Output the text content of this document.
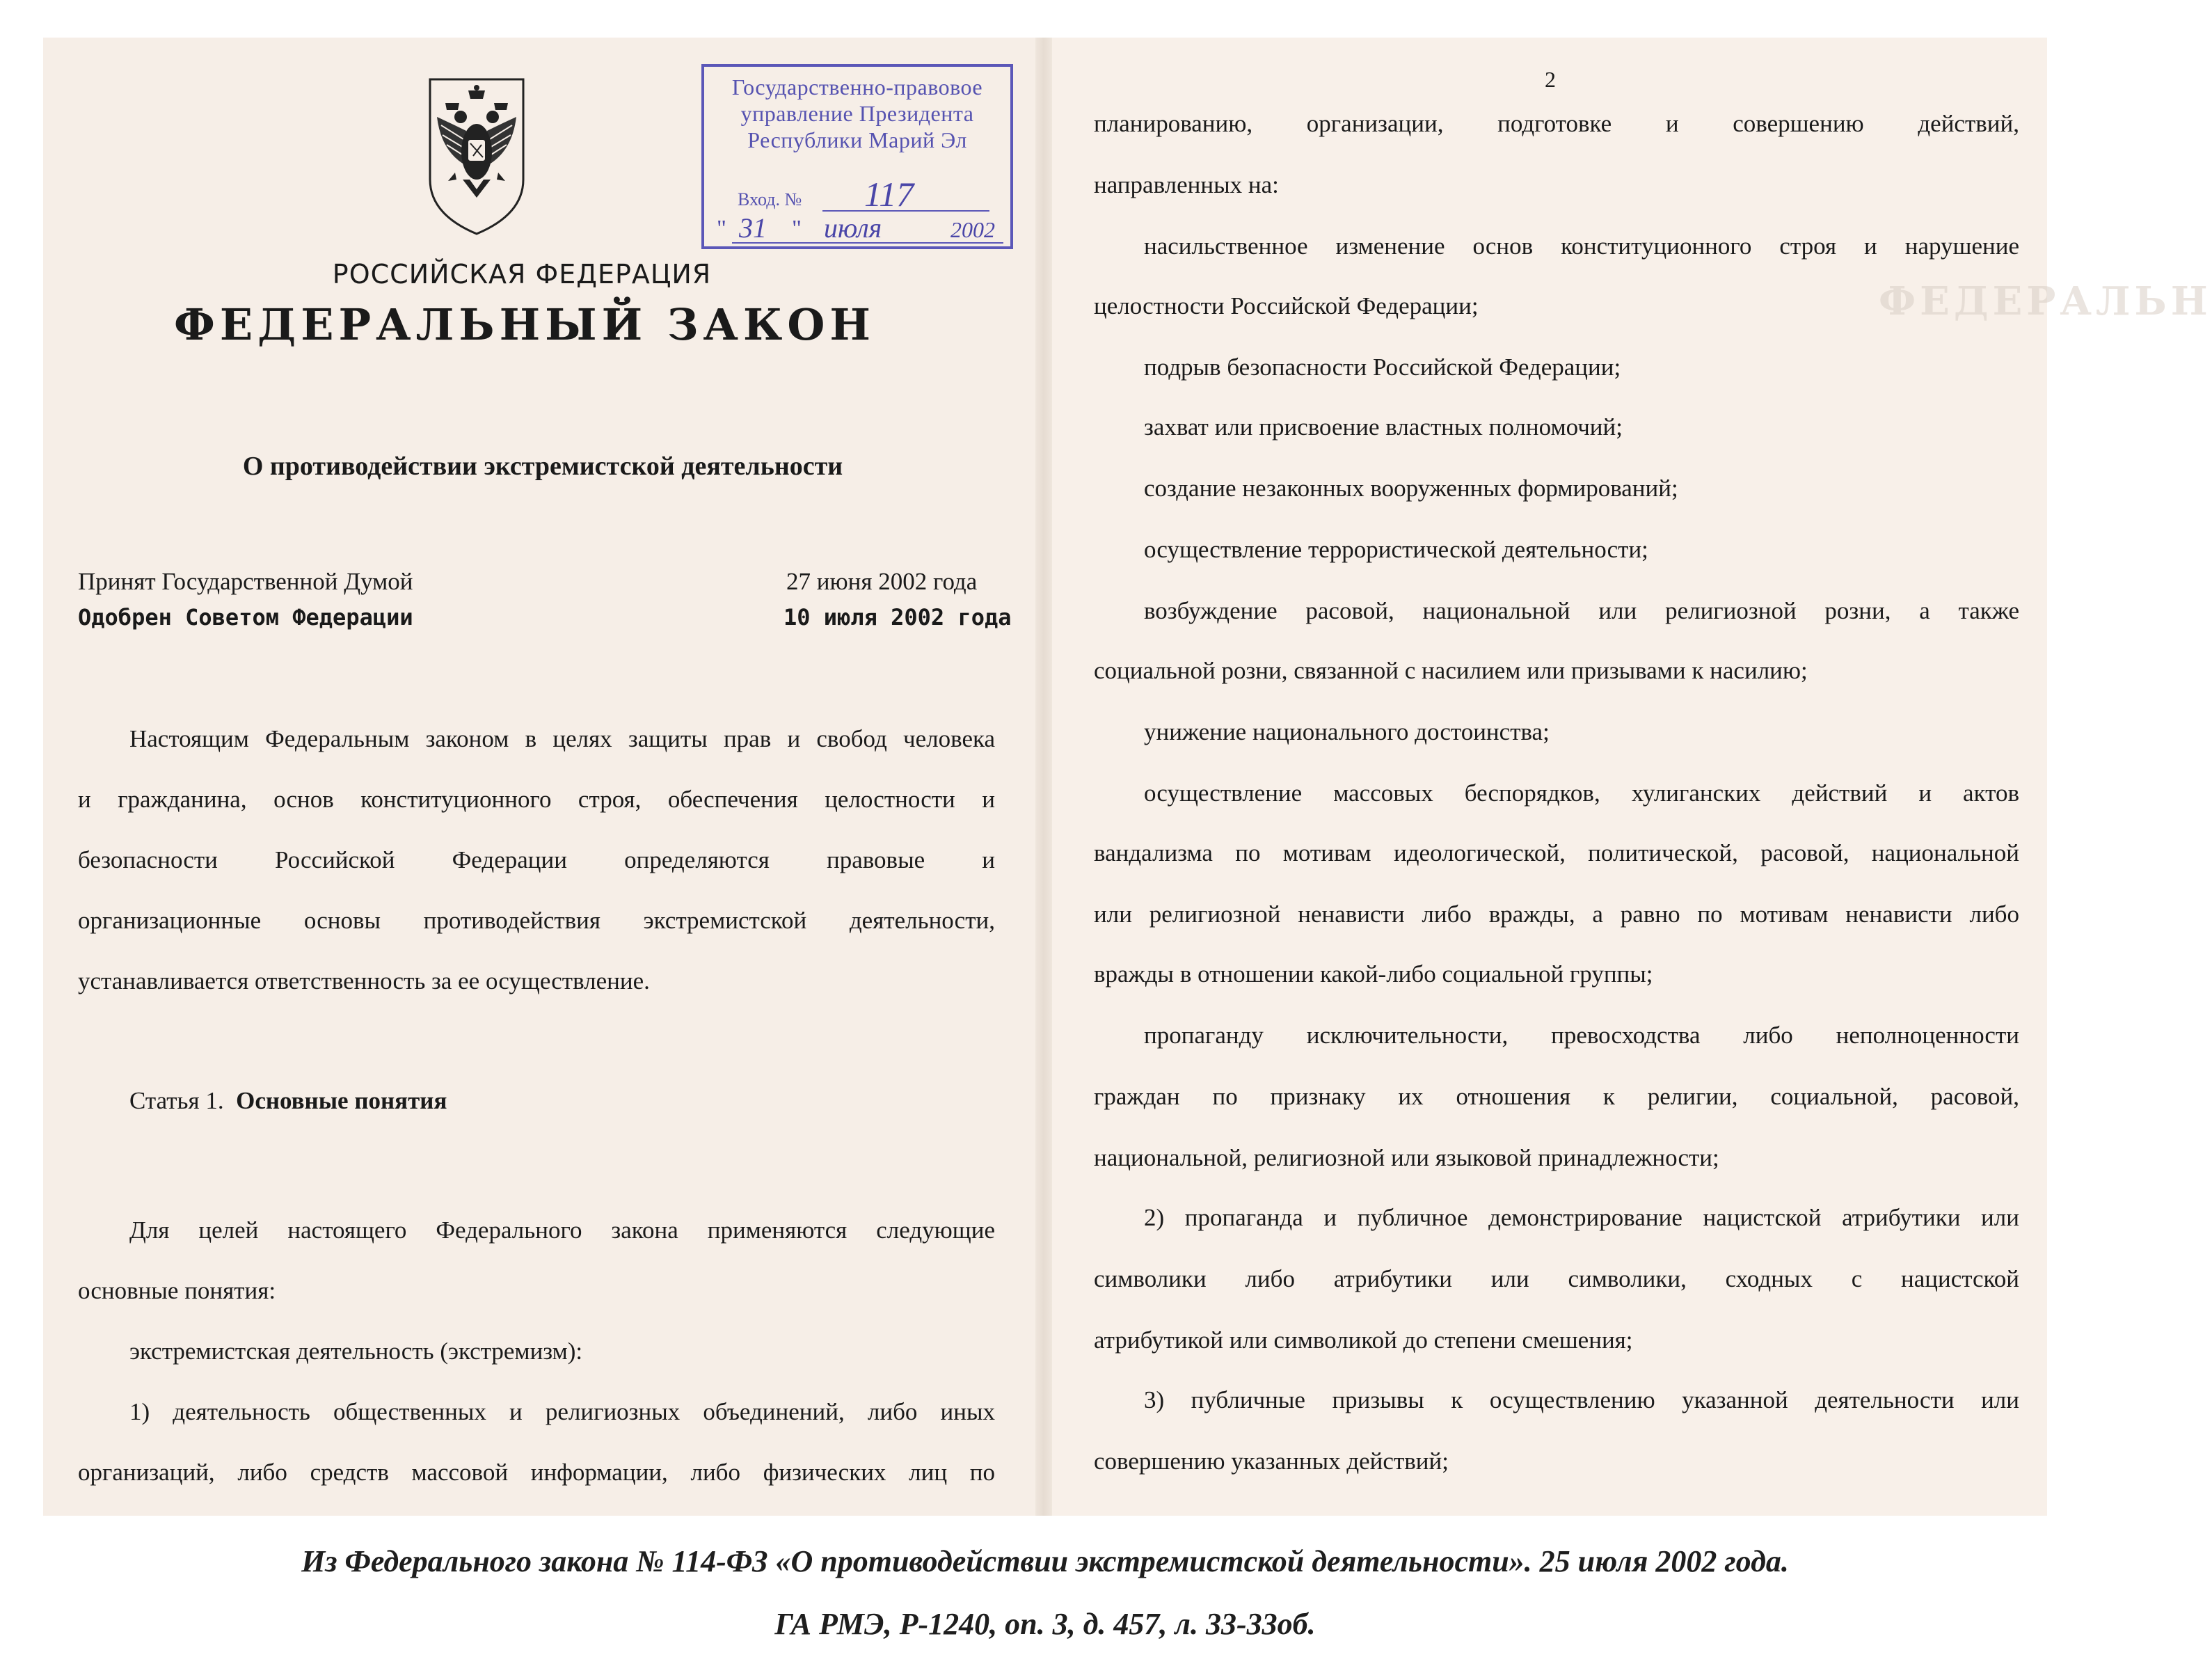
ФЕДЕРАЛЬН
Государственно-правовое
управление Президента
Республики Марий Эл
Вход. № 117
" 31 " июля	2002
РОССИЙСКАЯ ФЕДЕРАЦИЯ
ФЕДЕРАЛЬНЫЙ ЗАКОН
О противодействии экстремистской деятельности
Принят Государственной Думой	27 июня 2002 года
Одобрен Советом Федерации	10 июля 2002 года
Настоящим Федеральным законом в целях защиты прав и свобод человека
и гражданина, основ конституционного строя, обеспечения целостности и
безопасности Российской Федерации определяются правовые и
организационные основы противодействия экстремистской деятельности,
устанавливается ответственность за ее осуществление.
Статья 1. Основные понятия
Для целей настоящего Федерального закона применяются следующие
основные понятия:
экстремистская деятельность (экстремизм):
1) деятельность общественных и религиозных объединений, либо иных
организаций, либо средств массовой информации, либо физических лиц по
2
планированию, организации, подготовке и совершению действий,
направленных на:
насильственное изменение основ конституционного строя и нарушение
целостности Российской Федерации;
подрыв безопасности Российской Федерации;
захват или присвоение властных полномочий;
создание незаконных вооруженных формирований;
осуществление террористической деятельности;
возбуждение расовой, национальной или религиозной розни, а также
социальной розни, связанной с насилием или призывами к насилию;
унижение национального достоинства;
осуществление массовых беспорядков, хулиганских действий и актов
вандализма по мотивам идеологической, политической, расовой, национальной
или религиозной ненависти либо вражды, а равно по мотивам ненависти либо
вражды в отношении какой-либо социальной группы;
пропаганду исключительности, превосходства либо неполноценности
граждан по признаку их отношения к религии, социальной, расовой,
национальной, религиозной или языковой принадлежности;
2) пропаганда и публичное демонстрирование нацистской атрибутики или
символики либо атрибутики или символики, сходных с нацистской
атрибутикой или символикой до степени смешения;
3) публичные призывы к осуществлению указанной деятельности или
совершению указанных действий;
Из Федерального закона № 114-ФЗ «О противодействии экстремистской деятельности». 25 июля 2002 года.
ГА РМЭ, Р-1240, оп. 3, д. 457, л. 33-33об.
